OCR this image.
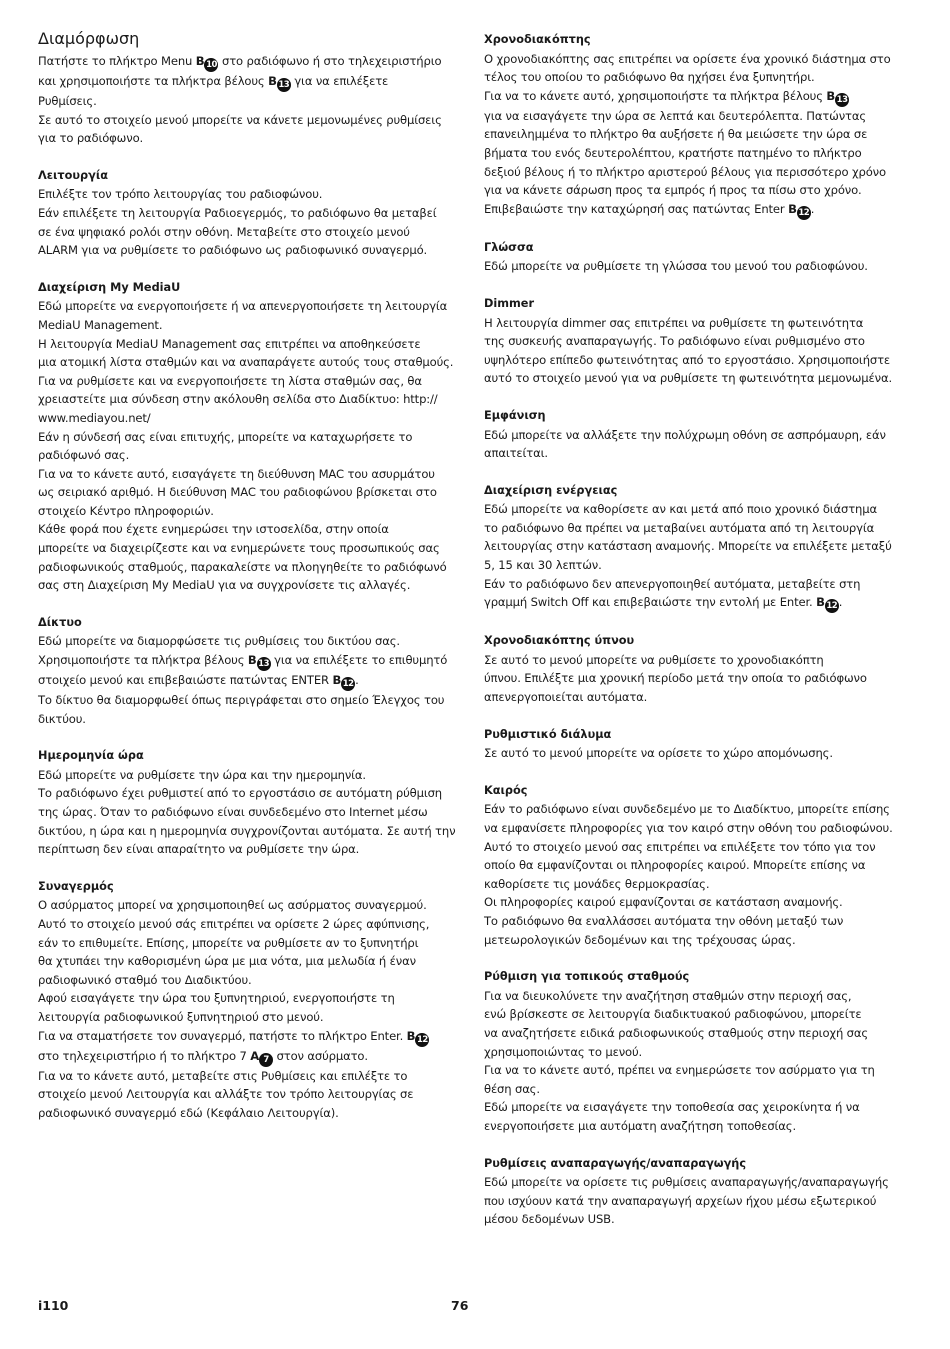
Διαμόρφωση
Πατήστε το πλήκτρο Menu B 10 στο ραδιόφωνο ή στο τηλεχειριστήριο
και χρησιμοποιήστε τα πλήκτρα βέλους B 13 για να επιλέξετε
Ρυθμίσεις.
Σε αυτό το στοιχείο μενού μπορείτε να κάνετε μεμονωμένες ρυθμίσεις
για το ραδιόφωνο.
Λειτουργία
Επιλέξτε τον τρόπο λειτουργίας του ραδιοφώνου.
Εάν επιλέξετε τη λειτουργία Ραδιοεγερμός, το ραδιόφωνο θα μεταβεί
σε ένα ψηφιακό ρολόι στην οθόνη. Μεταβείτε στο στοιχείο μενού
ALARM για να ρυθμίσετε το ραδιόφωνο ως ραδιοφωνικό συναγερμό.
Διαχείριση My MediaU
Εδώ μπορείτε να ενεργοποιήσετε ή να απενεργοποιήσετε τη λειτουργία
MediaU Management.
Η λειτουργία MediaU Management σας επιτρέπει να αποθηκεύσετε
μια ατομική λίστα σταθμών και να αναπαράγετε αυτούς τους σταθμούς.
Για να ρυθμίσετε και να ενεργοποιήσετε τη λίστα σταθμών σας, θα
χρειαστείτε μια σύνδεση στην ακόλουθη σελίδα στο Διαδίκτυο: http://
www.mediayou.net/
Εάν η σύνδεσή σας είναι επιτυχής, μπορείτε να καταχωρήσετε το
ραδιόφωνό σας.
Για να το κάνετε αυτό, εισαγάγετε τη διεύθυνση MAC του ασυρμάτου
ως σειριακό αριθμό. Η διεύθυνση MAC του ραδιοφώνου βρίσκεται στο
στοιχείο Κέντρο πληροφοριών.
Κάθε φορά που έχετε ενημερώσει την ιστοσελίδα, στην οποία
μπορείτε να διαχειρίζεστε και να ενημερώνετε τους προσωπικούς σας
ραδιοφωνικούς σταθμούς, παρακαλείστε να πλοηγηθείτε το ραδιόφωνό
σας στη Διαχείριση My MediaU για να συγχρονίσετε τις αλλαγές.
Δίκτυο
Εδώ μπορείτε να διαμορφώσετε τις ρυθμίσεις του δικτύου σας.
Χρησιμοποιήστε τα πλήκτρα βέλους B 13 για να επιλέξετε το επιθυμητό
στοιχείο μενού και επιβεβαιώστε πατώντας ENTER B 12 .
Το δίκτυο θα διαμορφωθεί όπως περιγράφεται στο σημείο Έλεγχος του
δικτύου.
Ημερομηνία ώρα
Εδώ μπορείτε να ρυθμίσετε την ώρα και την ημερομηνία.
Το ραδιόφωνο έχει ρυθμιστεί από το εργοστάσιο σε αυτόματη ρύθμιση
της ώρας. Όταν το ραδιόφωνο είναι συνδεδεμένο στο Internet μέσω
δικτύου, η ώρα και η ημερομηνία συγχρονίζονται αυτόματα. Σε αυτή την
περίπτωση δεν είναι απαραίτητο να ρυθμίσετε την ώρα.
Συναγερμός
Ο ασύρματος μπορεί να χρησιμοποιηθεί ως ασύρματος συναγερμού.
Αυτό το στοιχείο μενού σάς επιτρέπει να ορίσετε 2 ώρες αφύπνισης,
εάν το επιθυμείτε. Επίσης, μπορείτε να ρυθμίσετε αν το ξυπνητήρι
θα χτυπάει την καθορισμένη ώρα με μια νότα, μια μελωδία ή έναν
ραδιοφωνικό σταθμό του Διαδικτύου.
Αφού εισαγάγετε την ώρα του ξυπνητηριού, ενεργοποιήστε τη
λειτουργία ραδιοφωνικού ξυπνητηριού στο μενού.
Για να σταματήσετε τον συναγερμό, πατήστε το πλήκτρο Enter. B 12
στο τηλεχειριστήριο ή το πλήκτρο 7 A 7 στον ασύρματο.
Για να το κάνετε αυτό, μεταβείτε στις Ρυθμίσεις και επιλέξτε το
στοιχείο μενού Λειτουργία και αλλάξτε τον τρόπο λειτουργίας σε
ραδιοφωνικό συναγερμό εδώ (Κεφάλαιο Λειτουργία).
Χρονοδιακόπτης
Ο χρονοδιακόπτης σας επιτρέπει να ορίσετε ένα χρονικό διάστημα στο
τέλος του οποίου το ραδιόφωνο θα ηχήσει ένα ξυπνητήρι.
Για να το κάνετε αυτό, χρησιμοποιήστε τα πλήκτρα βέλους B 13
για να εισαγάγετε την ώρα σε λεπτά και δευτερόλεπτα. Πατώντας
επανειλημμένα το πλήκτρο θα αυξήσετε ή θα μειώσετε την ώρα σε
βήματα του ενός δευτερολέπτου, κρατήστε πατημένο το πλήκτρο
δεξιού βέλους ή το πλήκτρο αριστερού βέλους για περισσότερο χρόνο
για να κάνετε σάρωση προς τα εμπρός ή προς τα πίσω στο χρόνο.
Επιβεβαιώστε την καταχώρησή σας πατώντας Enter B 12 .
Γλώσσα
Εδώ μπορείτε να ρυθμίσετε τη γλώσσα του μενού του ραδιοφώνου.
Dimmer
Η λειτουργία dimmer σας επιτρέπει να ρυθμίσετε τη φωτεινότητα
της συσκευής αναπαραγωγής. Το ραδιόφωνο είναι ρυθμισμένο στο
υψηλότερο επίπεδο φωτεινότητας από το εργοστάσιο. Χρησιμοποιήστε
αυτό το στοιχείο μενού για να ρυθμίσετε τη φωτεινότητα μεμονωμένα.
Εμφάνιση
Εδώ μπορείτε να αλλάξετε την πολύχρωμη οθόνη σε ασπρόμαυρη, εάν
απαιτείται.
Διαχείριση ενέργειας
Εδώ μπορείτε να καθορίσετε αν και μετά από ποιο χρονικό διάστημα
το ραδιόφωνο θα πρέπει να μεταβαίνει αυτόματα από τη λειτουργία
λειτουργίας στην κατάσταση αναμονής. Μπορείτε να επιλέξετε μεταξύ
5, 15 και 30 λεπτών.
Εάν το ραδιόφωνο δεν απενεργοποιηθεί αυτόματα, μεταβείτε στη
γραμμή Switch Off και επιβεβαιώστε την εντολή με Enter. B 12 .
Χρονοδιακόπτης ύπνου
Σε αυτό το μενού μπορείτε να ρυθμίσετε το χρονοδιακόπτη
ύπνου. Επιλέξτε μια χρονική περίοδο μετά την οποία το ραδιόφωνο
απενεργοποιείται αυτόματα.
Ρυθμιστικό διάλυμα
Σε αυτό το μενού μπορείτε να ορίσετε το χώρο απομόνωσης.
Καιρός
Εάν το ραδιόφωνο είναι συνδεδεμένο με το Διαδίκτυο, μπορείτε επίσης
να εμφανίσετε πληροφορίες για τον καιρό στην οθόνη του ραδιοφώνου.
Αυτό το στοιχείο μενού σας επιτρέπει να επιλέξετε τον τόπο για τον
οποίο θα εμφανίζονται οι πληροφορίες καιρού. Μπορείτε επίσης να
καθορίσετε τις μονάδες θερμοκρασίας.
Οι πληροφορίες καιρού εμφανίζονται σε κατάσταση αναμονής.
Το ραδιόφωνο θα εναλλάσσει αυτόματα την οθόνη μεταξύ των
μετεωρολογικών δεδομένων και της τρέχουσας ώρας.
Ρύθμιση για τοπικούς σταθμούς
Για να διευκολύνετε την αναζήτηση σταθμών στην περιοχή σας,
ενώ βρίσκεστε σε λειτουργία διαδικτυακού ραδιοφώνου, μπορείτε
να αναζητήσετε ειδικά ραδιοφωνικούς σταθμούς στην περιοχή σας
χρησιμοποιώντας το μενού.
Για να το κάνετε αυτό, πρέπει να ενημερώσετε τον ασύρματο για τη
θέση σας.
Εδώ μπορείτε να εισαγάγετε την τοποθεσία σας χειροκίνητα ή να
ενεργοποιήσετε μια αυτόματη αναζήτηση τοποθεσίας.
Ρυθμίσεις αναπαραγωγής/αναπαραγωγής
Εδώ μπορείτε να ορίσετε τις ρυθμίσεις αναπαραγωγής/αναπαραγωγής
που ισχύουν κατά την αναπαραγωγή αρχείων ήχου μέσω εξωτερικού
μέσου δεδομένων USB.
i110	76
